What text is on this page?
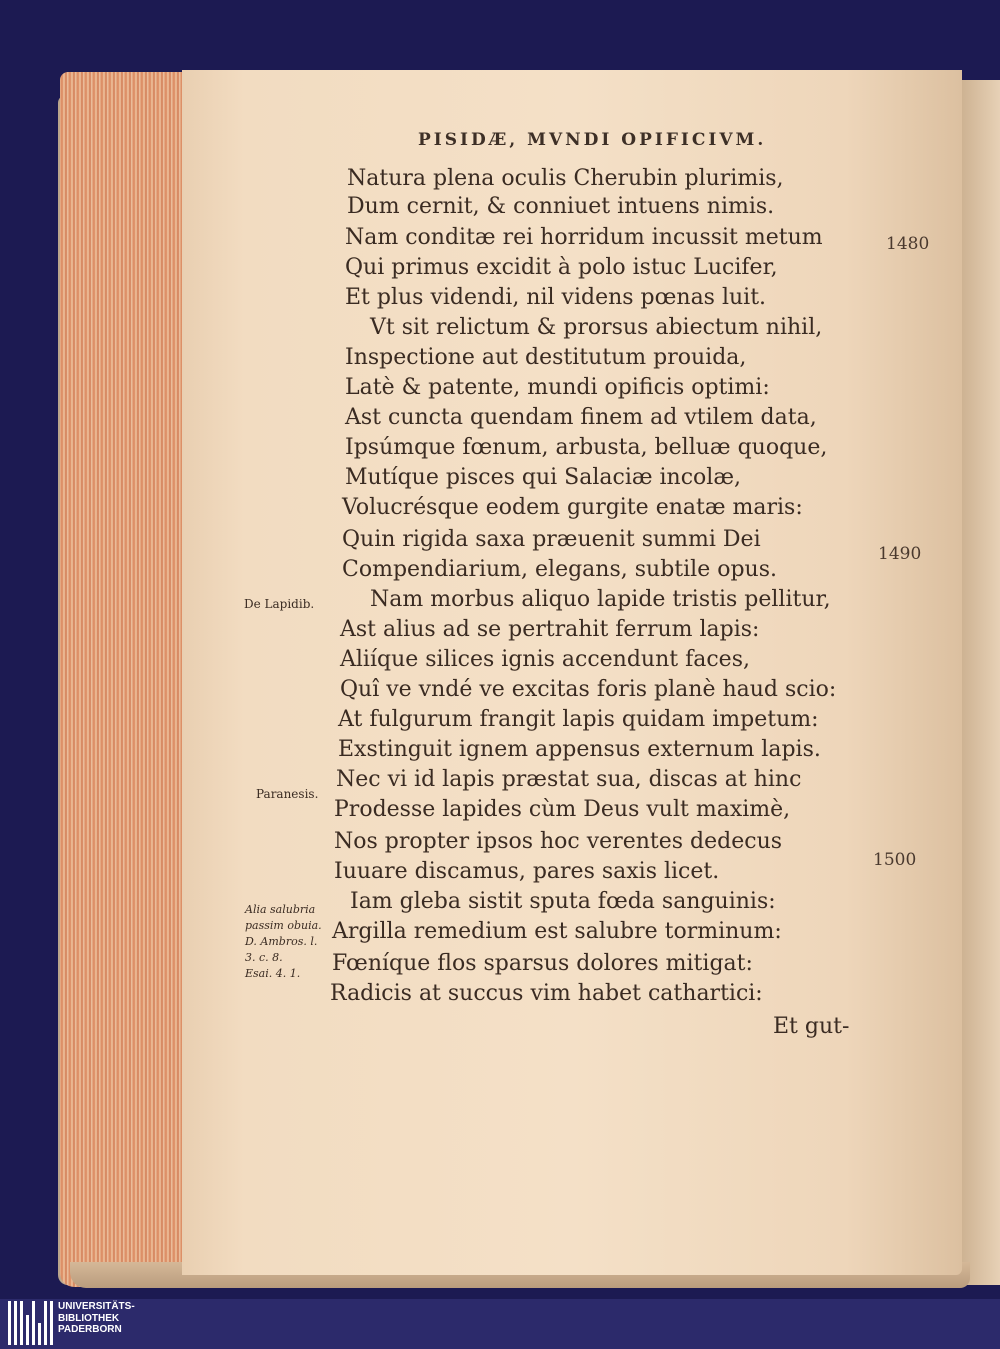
PISIDÆ, MVNDI OPIFICIVM.
Natura plena oculis Cherubin plurimis,
Dum cernit, & conniuet intuens nimis.
Nam conditæ rei horridum incussit metum
Qui primus excidit à polo istuc Lucifer,
Et plus videndi, nil videns pœnas luit.
Vt sit relictum & prorsus abiectum nihil,
Inspectione aut destitutum prouida,
Latè & patente, mundi opificis optimi:
Ast cuncta quendam finem ad vtilem data,
Ipsúmque fœnum, arbusta, belluæ quoque,
Mutíque pisces qui Salaciæ incolæ,
Volucrésque eodem gurgite enatæ maris:
Quin rigida saxa præuenit summi Dei
Compendiarium, elegans, subtile opus.
Nam morbus aliquo lapide tristis pellitur,
Ast alius ad se pertrahit ferrum lapis:
Aliíque silices ignis accendunt faces,
Quî ve vndé ve excitas foris planè haud scio:
At fulgurum frangit lapis quidam impetum:
Exstinguit ignem appensus externum lapis.
Nec vi id lapis præstat sua, discas at hinc
Prodesse lapides cùm Deus vult maximè,
Nos propter ipsos hoc verentes dedecus
Iuuare discamus, pares saxis licet.
Iam gleba sistit sputa fœda sanguinis:
Argilla remedium est salubre torminum:
Fœníque flos sparsus dolores mitigat:
Radicis at succus vim habet cathartici:
1480
1490
1500
De Lapidib.
Paranesis.
Alia salubria
passim obuia.
D. Ambros. l.
3. c. 8.
Esai. 4. 1.
Et gut-
UNIVERSITÄTS-
BIBLIOTHEK
PADERBORN
